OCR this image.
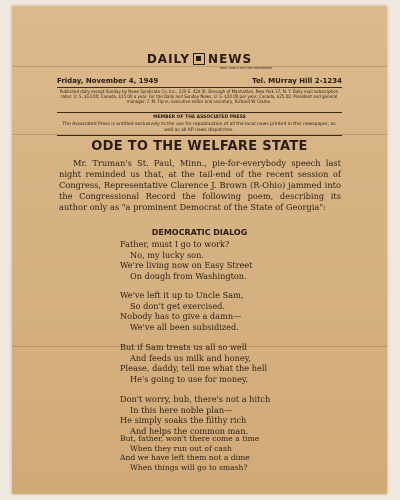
DAILY NEWS
NEW YORK'S PICTURE NEWSPAPER
Friday, November 4, 1949	Tel. MUrray Hill 2-1234
Published daily except Sunday by News Syndicate Co. Inc., 220 E. 42d St. Borough of Manhattan, New York 17, N. Y. Daily mail subscription rates: U. S. $13.00; Canada, $15.00 a year. For the Daily and Sunday News, U. S. $20.00 per year; Canada, $25.00. President and general manager, F. M. Flynn; executive editor and secretary, Richard W. Clarke.
MEMBER OF THE ASSOCIATED PRESS
The Associated Press is entitled exclusively to the use for republication of all the local news printed in this newspaper, as well as all AP news dispatches.
ODE TO THE WELFARE STATE

Mr. Truman's St. Paul, Minn., pie-for-everybody speech last night reminded us that, at the tail-end of the recent session of Congress, Representative Clarence J. Brown (R-Ohio) jammed into the Congressional Record the following poem, describing its author only as "a prominent Democrat of the State of Georgia":

DEMOCRATIC DIALOG
Father, must I go to work?
No, my lucky son.
We're living now on Easy Street
On dough from Washington.
We've left it up to Uncle Sam,
So don't get exercised.
Nobody has to give a damn—
We've all been subsidized.
But if Sam treats us all so well
And feeds us milk and honey,
Please, daddy, tell me what the hell
He's going to use for money.
Don't worry, bub, there's not a hitch
In this here noble plan—
He simply soaks the filthy rich
And helps the common man.
But, father, won't there come a time
When they run out of cash
And we have left them not a dime
When things will go to smash?
